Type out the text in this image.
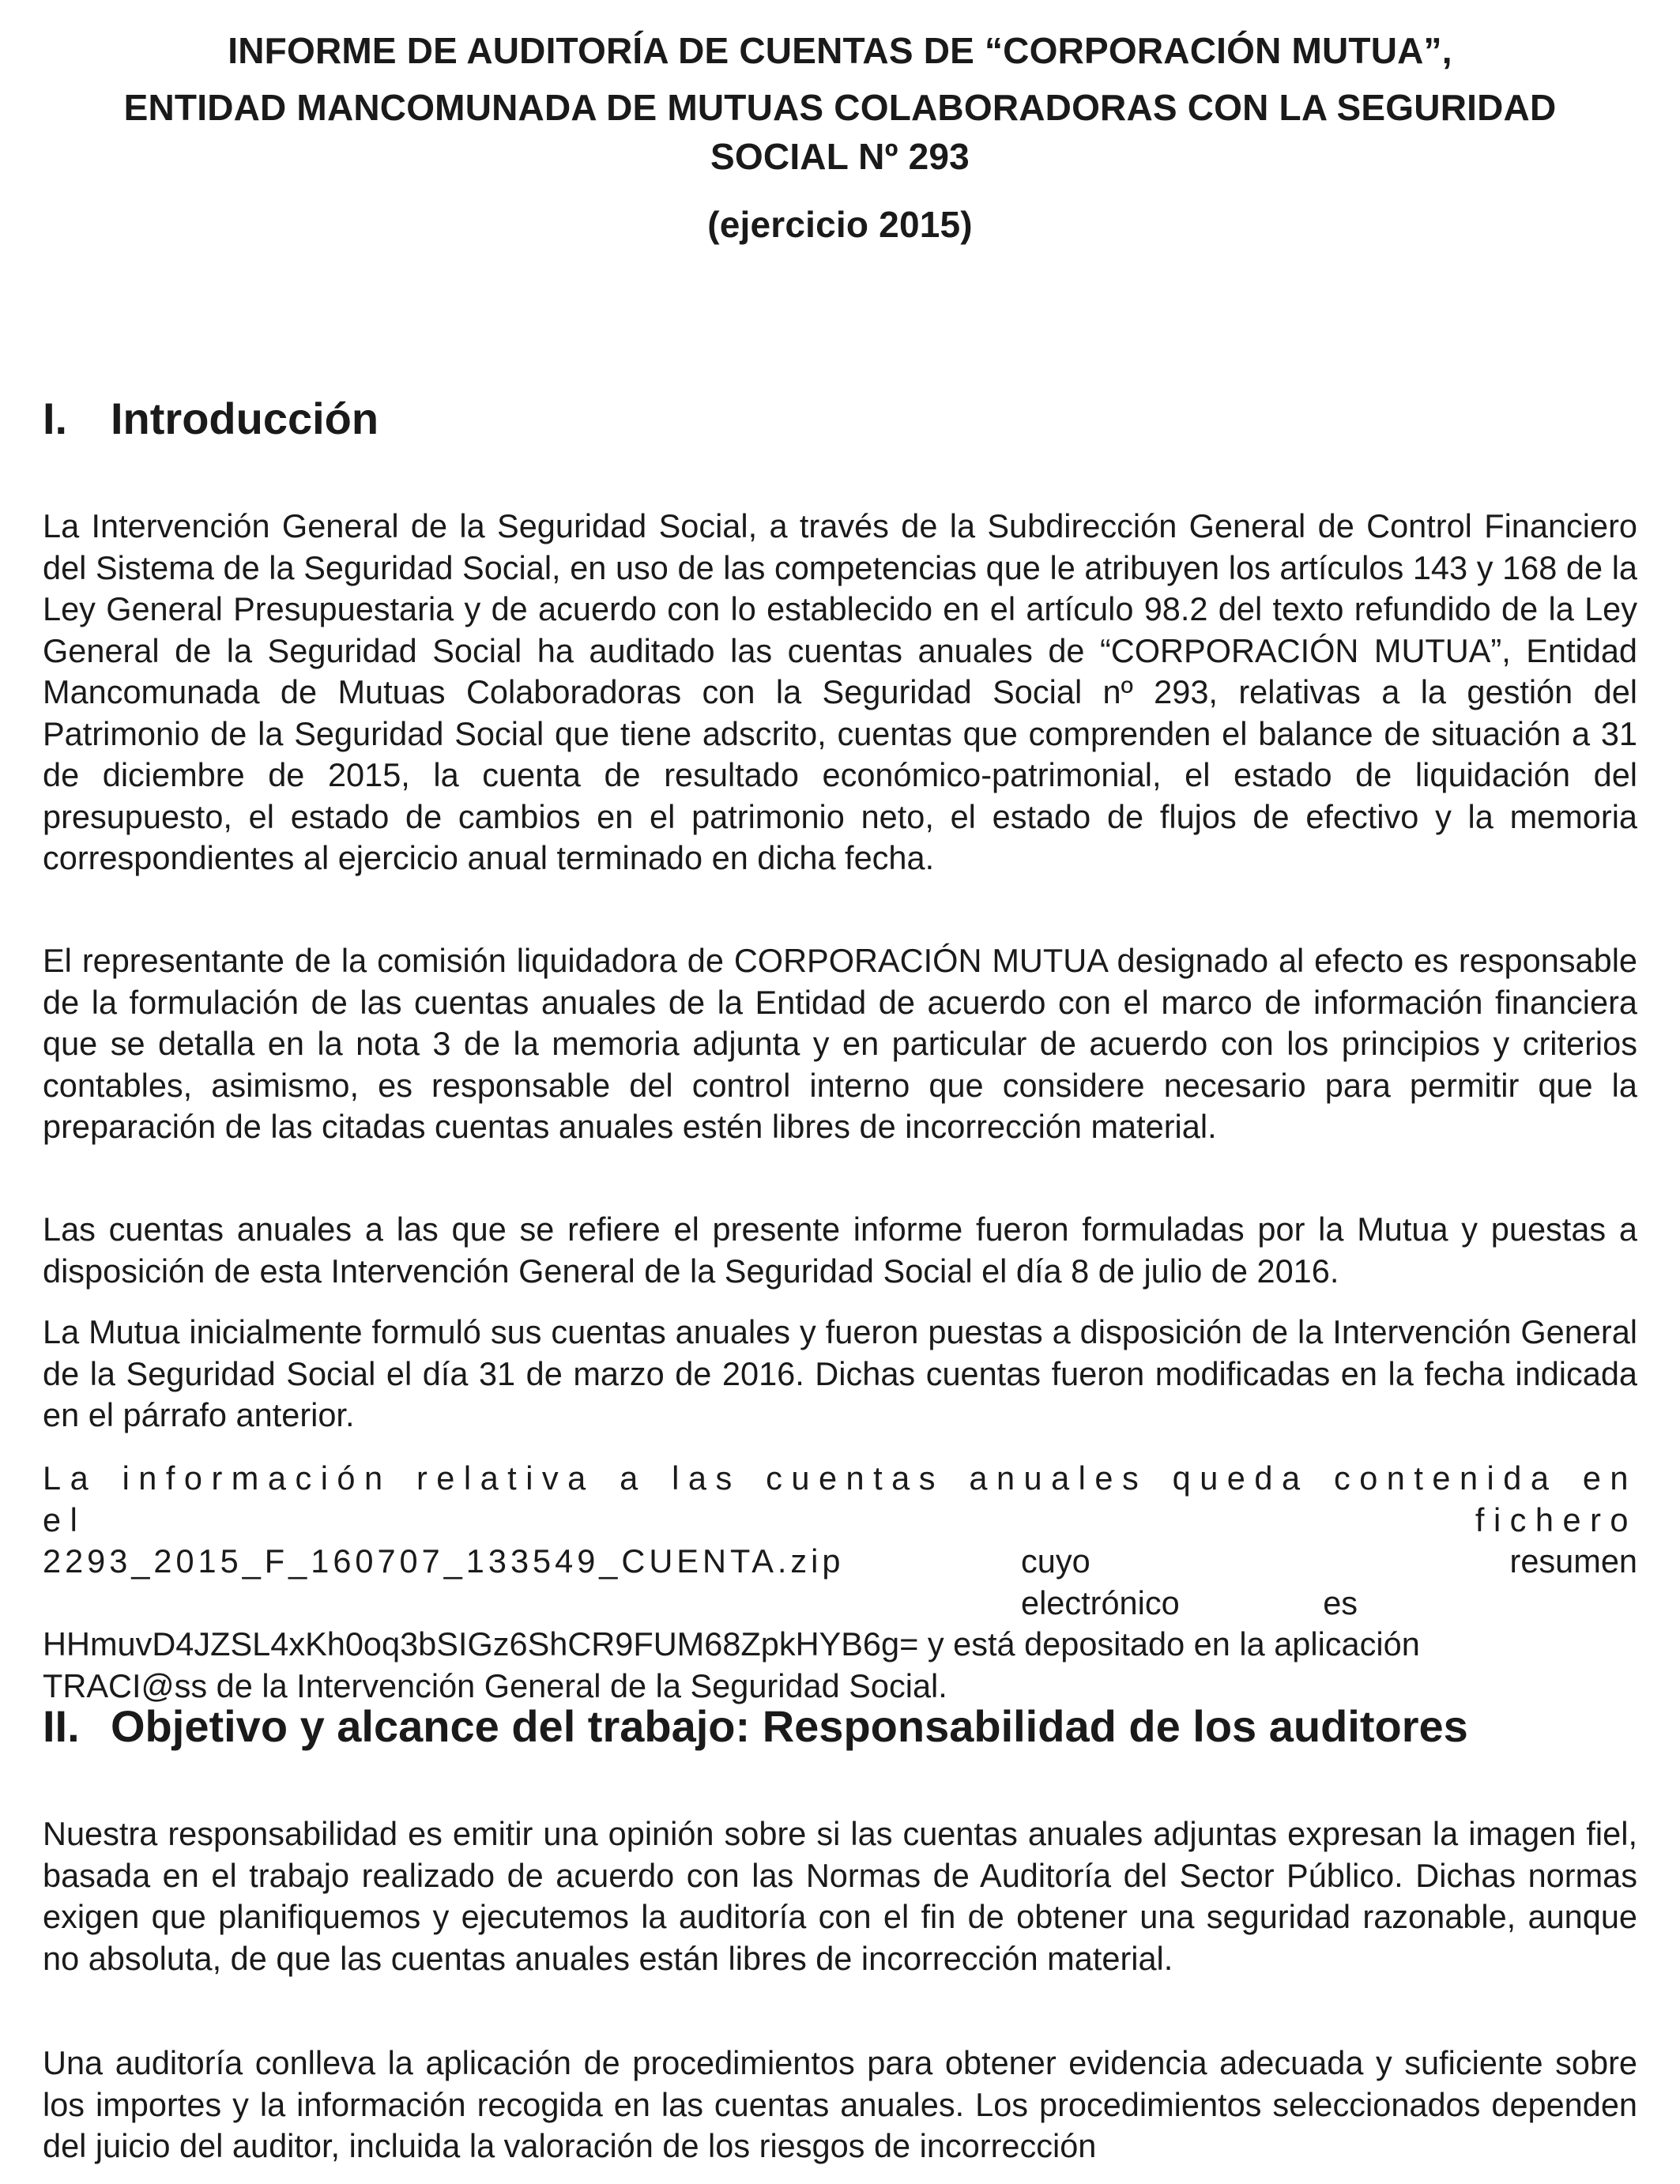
INFORME DE AUDITORÍA DE CUENTAS DE “CORPORACIÓN MUTUA”,
ENTIDAD MANCOMUNADA DE MUTUAS COLABORADORAS CON LA SEGURIDAD
SOCIAL Nº 293
(ejercicio 2015)
I. Introducción
La Intervención General de la Seguridad Social, a través de la Subdirección General de Control Financiero del Sistema de la Seguridad Social, en uso de las competencias que le atribuyen los artículos 143 y 168 de la Ley General Presupuestaria y de acuerdo con lo establecido en el artículo 98.2 del texto refundido de la Ley General de la Seguridad Social ha auditado las cuentas anuales de “CORPORACIÓN MUTUA”, Entidad Mancomunada de Mutuas Colaboradoras con la Seguridad Social nº 293, relativas a la gestión del Patrimonio de la Seguridad Social que tiene adscrito, cuentas que comprenden el balance de situación a 31 de diciembre de 2015, la cuenta de resultado económico-patrimonial, el estado de liquidación del presupuesto, el estado de cambios en el patrimonio neto, el estado de flujos de efectivo y la memoria correspondientes al ejercicio anual terminado en dicha fecha.
El representante de la comisión liquidadora de CORPORACIÓN MUTUA designado al efecto es responsable de la formulación de las cuentas anuales de la Entidad de acuerdo con el marco de información financiera que se detalla en la nota 3 de la memoria adjunta y en particular de acuerdo con los principios y criterios contables, asimismo, es responsable del control interno que considere necesario para permitir que la preparación de las citadas cuentas anuales estén libres de incorrección material.
Las cuentas anuales a las que se refiere el presente informe fueron formuladas por la Mutua y puestas a disposición de esta Intervención General de la Seguridad Social el día 8 de julio de 2016.
La Mutua inicialmente formuló sus cuentas anuales y fueron puestas a disposición de la Intervención General de la Seguridad Social el día 31 de marzo de 2016. Dichas cuentas fueron modificadas en la fecha indicada en el párrafo anterior.
La información relativa a las cuentas anuales queda contenida en el fichero
2293_2015_F_160707_133549_CUENTA.zip	cuyo resumen electrónico es
HHmuvD4JZSL4xKh0oq3bSIGz6ShCR9FUM68ZpkHYB6g= y está depositado en la aplicación
TRACI@ss de la Intervención General de la Seguridad Social.
II. Objetivo y alcance del trabajo: Responsabilidad de los auditores
Nuestra responsabilidad es emitir una opinión sobre si las cuentas anuales adjuntas expresan la imagen fiel, basada en el trabajo realizado de acuerdo con las Normas de Auditoría del Sector Público. Dichas normas exigen que planifiquemos y ejecutemos la auditoría con el fin de obtener una seguridad razonable, aunque no absoluta, de que las cuentas anuales están libres de incorrección material.
Una auditoría conlleva la aplicación de procedimientos para obtener evidencia adecuada y suficiente sobre los importes y la información recogida en las cuentas anuales. Los procedimientos seleccionados dependen del juicio del auditor, incluida la valoración de los riesgos de incorrección
